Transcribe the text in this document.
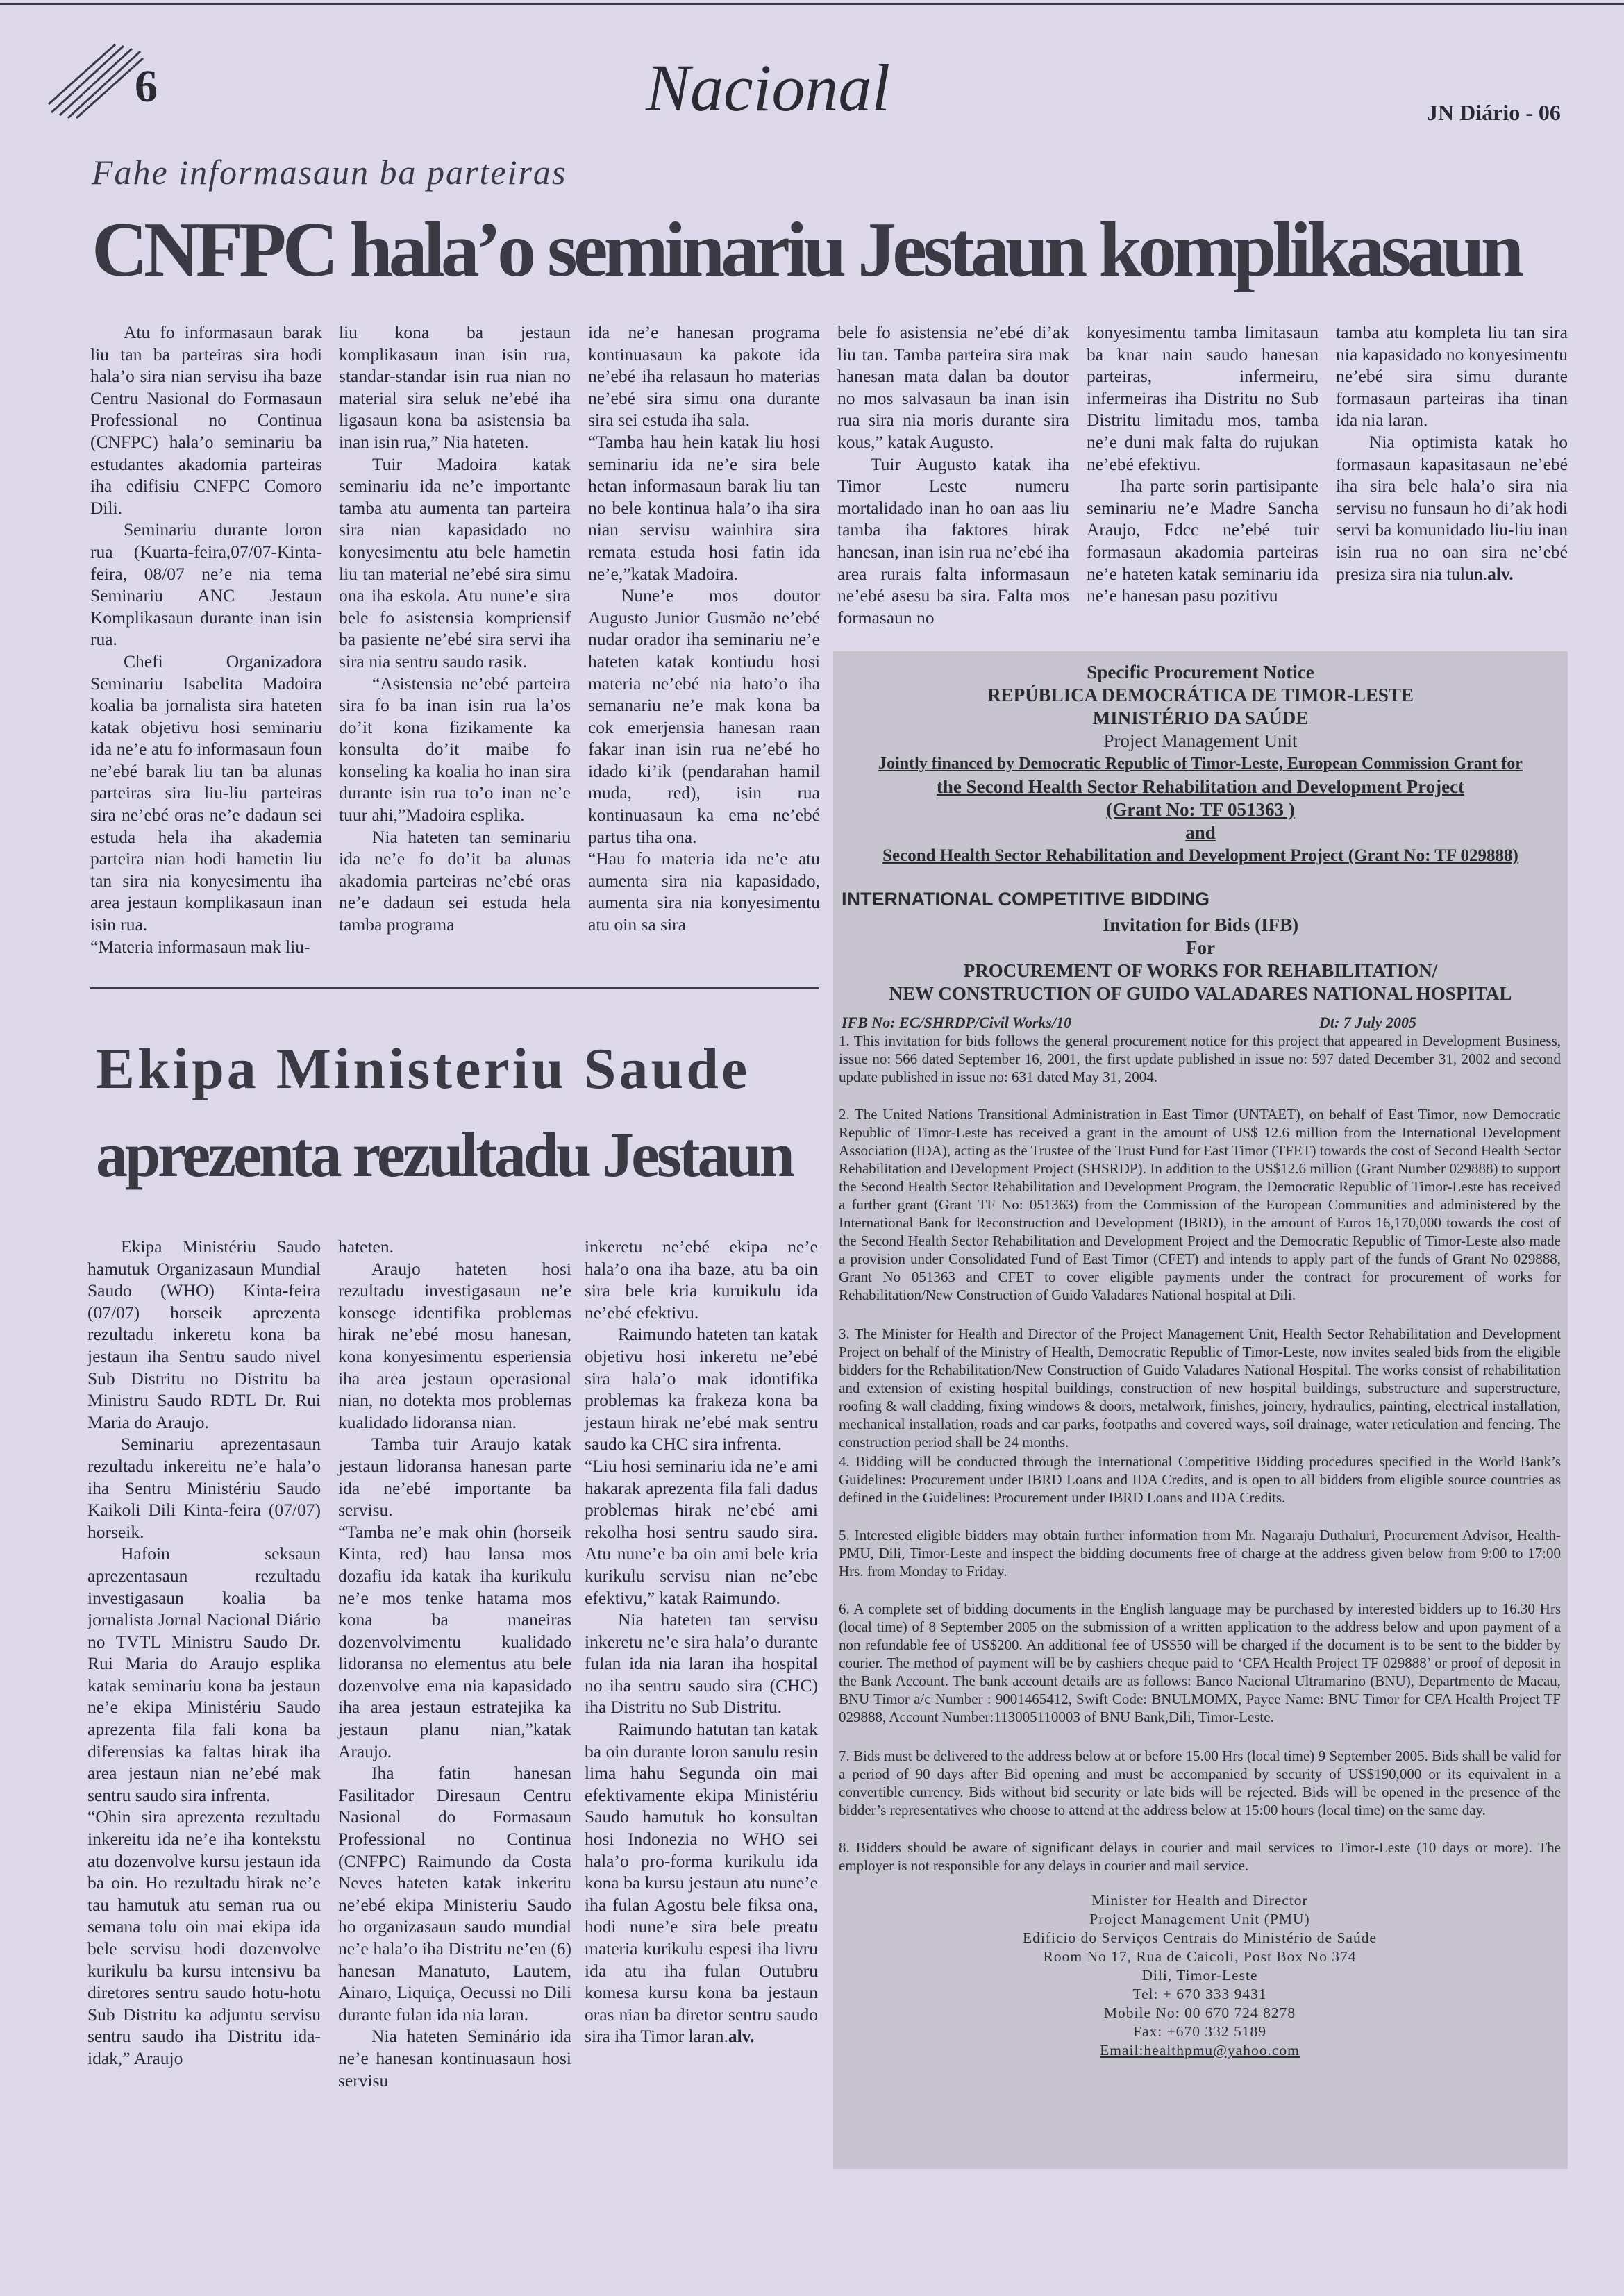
6	Nacional	JN Diário - 06
Fahe informasaun ba parteiras
CNFPC hala’o seminariu Jestaun komplikasaun

Atu fo informasaun barak liu tan ba parteiras sira hodi hala’o sira nian servisu iha baze Centru Nasional do Formasaun Professional no Continua (CNFPC) hala’o seminariu ba estudantes akadomia parteiras iha edifisiu CNFPC Comoro Dili.

Seminariu durante loron rua (Kuarta-feira,07/07-Kinta-feira, 08/07 ne’e nia tema Seminariu ANC Jestaun Komplikasaun durante inan isin rua.

Chefi Organizadora Seminariu Isabelita Madoira koalia ba jornalista sira hateten katak objetivu hosi seminariu ida ne’e atu fo informasaun foun ne’ebé barak liu tan ba alunas parteiras sira liu-liu parteiras sira ne’ebé oras ne’e dadaun sei estuda hela iha akademia parteira nian hodi hametin liu tan sira nia konyesimentu iha area jestaun komplikasaun inan isin rua.

“Materia informasaun mak liu-

liu kona ba jestaun komplikasaun inan isin rua, standar-standar isin rua nian no material sira seluk ne’ebé iha ligasaun kona ba asistensia ba inan isin rua,” Nia hateten.

Tuir Madoira katak seminariu ida ne’e importante tamba atu aumenta tan parteira sira nian kapasidado no konyesimentu atu bele hametin liu tan material ne’ebé sira simu ona iha eskola. Atu nune’e sira bele fo asistensia kompriensif ba pasiente ne’ebé sira servi iha sira nia sentru saudo rasik.

“Asistensia ne’ebé parteira sira fo ba inan isin rua la’os do’it kona fizikamente ka konsulta do’it maibe fo konseling ka koalia ho inan sira durante isin rua to’o inan ne’e tuur ahi,”Madoira esplika.

Nia hateten tan seminariu ida ne’e fo do’it ba alunas akadomia parteiras ne’ebé oras ne’e dadaun sei estuda hela tamba programa

ida ne’e hanesan programa kontinuasaun ka pakote ida ne’ebé iha relasaun ho materias ne’ebé sira simu ona durante sira sei estuda iha sala.

“Tamba hau hein katak liu hosi seminariu ida ne’e sira bele hetan informasaun barak liu tan no bele kontinua hala’o iha sira nian servisu wainhira sira remata estuda hosi fatin ida ne’e,”katak Madoira.

Nune’e mos doutor Augusto Junior Gusmão ne’ebé nudar orador iha seminariu ne’e hateten katak kontiudu hosi materia ne’ebé nia hato’o iha semanariu ne’e mak kona ba cok emerjensia hanesan raan fakar inan isin rua ne’ebé ho idado ki’ik (pendarahan hamil muda, red), isin rua kontinuasaun ka ema ne’ebé partus tiha ona.

“Hau fo materia ida ne’e atu aumenta sira nia kapasidado, aumenta sira nia konyesimentu atu oin sa sira

bele fo asistensia ne’ebé di’ak liu tan. Tamba parteira sira mak hanesan mata dalan ba doutor no mos salvasaun ba inan isin rua sira nia moris durante sira kous,” katak Augusto.

Tuir Augusto katak iha Timor Leste numeru mortalidado inan ho oan aas liu tamba iha faktores hirak hanesan, inan isin rua ne’ebé iha area rurais falta informasaun ne’ebé asesu ba sira. Falta mos formasaun no

konyesimentu tamba limitasaun ba knar nain saudo hanesan parteiras, infermeiru, infermeiras iha Distritu no Sub Distritu limitadu mos, tamba ne’e duni mak falta do rujukan ne’ebé efektivu.

Iha parte sorin partisipante seminariu ne’e Madre Sancha Araujo, Fdcc ne’ebé tuir formasaun akadomia parteiras ne’e hateten katak seminariu ida ne’e hanesan pasu pozitivu

tamba atu kompleta liu tan sira nia kapasidado no konyesimentu ne’ebé sira simu durante formasaun parteiras iha tinan ida nia laran.

Nia optimista katak ho formasaun kapasitasaun ne’ebé iha sira bele hala’o sira nia servisu no funsaun ho di’ak hodi servi ba komunidado liu-liu inan isin rua no oan sira ne’ebé presiza sira nia tulun.alv.

Ekipa Ministeriu Saude
aprezenta rezultadu Jestaun

Ekipa Ministériu Saudo hamutuk Organizasaun Mundial Saudo (WHO) Kinta-feira (07/07) horseik aprezenta rezultadu inkeretu kona ba jestaun iha Sentru saudo nivel Sub Distritu no Distritu ba Ministru Saudo RDTL Dr. Rui Maria do Araujo.

Seminariu aprezentasaun rezultadu inkereitu ne’e hala’o iha Sentru Ministériu Saudo Kaikoli Dili Kinta-feira (07/07) horseik.

Hafoin seksaun aprezentasaun rezultadu investigasaun koalia ba jornalista Jornal Nacional Diário no TVTL Ministru Saudo Dr. Rui Maria do Araujo esplika katak seminariu kona ba jestaun ne’e ekipa Ministériu Saudo aprezenta fila fali kona ba diferensias ka faltas hirak iha area jestaun nian ne’ebé mak sentru saudo sira infrenta.

“Ohin sira aprezenta rezultadu inkereitu ida ne’e iha kontekstu atu dozenvolve kursu jestaun ida ba oin. Ho rezultadu hirak ne’e tau hamutuk atu seman rua ou semana tolu oin mai ekipa ida bele servisu hodi dozenvolve kurikulu ba kursu intensivu ba diretores sentru saudo hotu-hotu Sub Distritu ka adjuntu servisu sentru saudo iha Distritu ida-idak,” Araujo

hateten.

Araujo hateten hosi rezultadu investigasaun ne’e konsege identifika problemas hirak ne’ebé mosu hanesan, kona konyesimentu esperiensia iha area jestaun operasional nian, no dotekta mos problemas kualidado lidoransa nian.

Tamba tuir Araujo katak jestaun lidoransa hanesan parte ida ne’ebé importante ba servisu.

“Tamba ne’e mak ohin (horseik Kinta, red) hau lansa mos dozafiu ida katak iha kurikulu ne’e mos tenke hatama mos kona ba maneiras dozenvolvimentu kualidado lidoransa no elementus atu bele dozenvolve ema nia kapasidado iha area jestaun estratejika ka jestaun planu nian,”katak Araujo.

Iha fatin hanesan Fasilitador Diresaun Centru Nasional do Formasaun Professional no Continua (CNFPC) Raimundo da Costa Neves hateten katak inkeritu ne’ebé ekipa Ministeriu Saudo ho organizasaun saudo mundial ne’e hala’o iha Distritu ne’en (6) hanesan Manatuto, Lautem, Ainaro, Liquiça, Oecussi no Dili durante fulan ida nia laran.

Nia hateten Seminário ida ne’e hanesan kontinuasaun hosi servisu

inkeretu ne’ebé ekipa ne’e hala’o ona iha baze, atu ba oin sira bele kria kuruikulu ida ne’ebé efektivu.

Raimundo hateten tan katak objetivu hosi inkeretu ne’ebé sira hala’o mak idontifika problemas ka frakeza kona ba jestaun hirak ne’ebé mak sentru saudo ka CHC sira infrenta.

“Liu hosi seminariu ida ne’e ami hakarak aprezenta fila fali dadus problemas hirak ne’ebé ami rekolha hosi sentru saudo sira. Atu nune’e ba oin ami bele kria kurikulu servisu nian ne’ebe efektivu,” katak Raimundo.

Nia hateten tan servisu inkeretu ne’e sira hala’o durante fulan ida nia laran iha hospital no iha sentru saudo sira (CHC) iha Distritu no Sub Distritu.

Raimundo hatutan tan katak ba oin durante loron sanulu resin lima hahu Segunda oin mai efektivamente ekipa Ministériu Saudo hamutuk ho konsultan hosi Indonezia no WHO sei hala’o pro-forma kurikulu ida kona ba kursu jestaun atu nune’e iha fulan Agostu bele fiksa ona, hodi nune’e sira bele preatu materia kurikulu espesi iha livru ida atu iha fulan Outubru komesa kursu kona ba jestaun oras nian ba diretor sentru saudo sira iha Timor laran.alv.

Specific Procurement Notice
REPÚBLICA DEMOCRÁTICA DE TIMOR-LESTE
MINISTÉRIO DA SAÚDE
Project Management Unit
Jointly financed by Democratic Republic of Timor-Leste, European Commission Grant for
the Second Health Sector Rehabilitation and Development Project
(Grant No: TF 051363 )
and
Second Health Sector Rehabilitation and Development Project (Grant No: TF 029888)
INTERNATIONAL COMPETITIVE BIDDING
Invitation for Bids (IFB)
For
PROCUREMENT OF WORKS FOR REHABILITATION/
NEW CONSTRUCTION OF GUIDO VALADARES NATIONAL HOSPITAL
IFB No: EC/SHRDP/Civil Works/10	Dt: 7 July 2005

1. This invitation for bids follows the general procurement notice for this project that appeared in Development Business, issue no: 566 dated September 16, 2001, the first update published in issue no: 597 dated December 31, 2002 and second update published in issue no: 631 dated May 31, 2004.

2. The United Nations Transitional Administration in East Timor (UNTAET), on behalf of East Timor, now Democratic Republic of Timor-Leste has received a grant in the amount of US$ 12.6 million from the International Development Association (IDA), acting as the Trustee of the Trust Fund for East Timor (TFET) towards the cost of Second Health Sector Rehabilitation and Development Project (SHSRDP). In addition to the US$12.6 million (Grant Number 029888) to support the Second Health Sector Rehabilitation and Development Program, the Democratic Republic of Timor-Leste has received a further grant (Grant TF No: 051363) from the Commission of the European Communities and administered by the International Bank for Reconstruction and Development (IBRD), in the amount of Euros 16,170,000 towards the cost of the Second Health Sector Rehabilitation and Development Project and the Democratic Republic of Timor-Leste also made a provision under Consolidated Fund of East Timor (CFET) and intends to apply part of the funds of Grant No 029888, Grant No 051363 and CFET to cover eligible payments under the contract for procurement of works for Rehabilitation/New Construction of Guido Valadares National hospital at Dili.

3. The Minister for Health and Director of the Project Management Unit, Health Sector Rehabilitation and Development Project on behalf of the Ministry of Health, Democratic Republic of Timor-Leste, now invites sealed bids from the eligible bidders for the Rehabilitation/New Construction of Guido Valadares National Hospital. The works consist of rehabilitation and extension of existing hospital buildings, construction of new hospital buildings, substructure and superstructure, roofing & wall cladding, fixing windows & doors, metalwork, finishes, joinery, hydraulics, painting, electrical installation, mechanical installation, roads and car parks, footpaths and covered ways, soil drainage, water reticulation and fencing. The construction period shall be 24 months.

4. Bidding will be conducted through the International Competitive Bidding procedures specified in the World Bank’s Guidelines: Procurement under IBRD Loans and IDA Credits, and is open to all bidders from eligible source countries as defined in the Guidelines: Procurement under IBRD Loans and IDA Credits.

5. Interested eligible bidders may obtain further information from Mr. Nagaraju Duthaluri, Procurement Advisor, Health-PMU, Dili, Timor-Leste and inspect the bidding documents free of charge at the address given below from 9:00 to 17:00 Hrs. from Monday to Friday.

6. A complete set of bidding documents in the English language may be purchased by interested bidders up to 16.30 Hrs (local time) of 8 September 2005 on the submission of a written application to the address below and upon payment of a non refundable fee of US$200. An additional fee of US$50 will be charged if the document is to be sent to the bidder by courier. The method of payment will be by cashiers cheque paid to ‘CFA Health Project TF 029888’ or proof of deposit in the Bank Account. The bank account details are as follows: Banco Nacional Ultramarino (BNU), Departmento de Macau, BNU Timor a/c Number : 9001465412, Swift Code: BNULMOMX, Payee Name: BNU Timor for CFA Health Project TF 029888, Account Number:113005110003 of BNU Bank,Dili, Timor-Leste.

7. Bids must be delivered to the address below at or before 15.00 Hrs (local time) 9 September 2005. Bids shall be valid for a period of 90 days after Bid opening and must be accompanied by security of US$190,000 or its equivalent in a convertible currency. Bids without bid security or late bids will be rejected. Bids will be opened in the presence of the bidder’s representatives who choose to attend at the address below at 15:00 hours (local time) on the same day.

8. Bidders should be aware of significant delays in courier and mail services to Timor-Leste (10 days or more). The employer is not responsible for any delays in courier and mail service.

Minister for Health and Director
Project Management Unit (PMU)
Edificio do Serviços Centrais do Ministério de Saúde
Room No 17, Rua de Caicoli, Post Box No 374
Dili, Timor-Leste
Tel: + 670 333 9431
Mobile No: 00 670 724 8278
Fax: +670 332 5189
Email:healthpmu@yahoo.com
